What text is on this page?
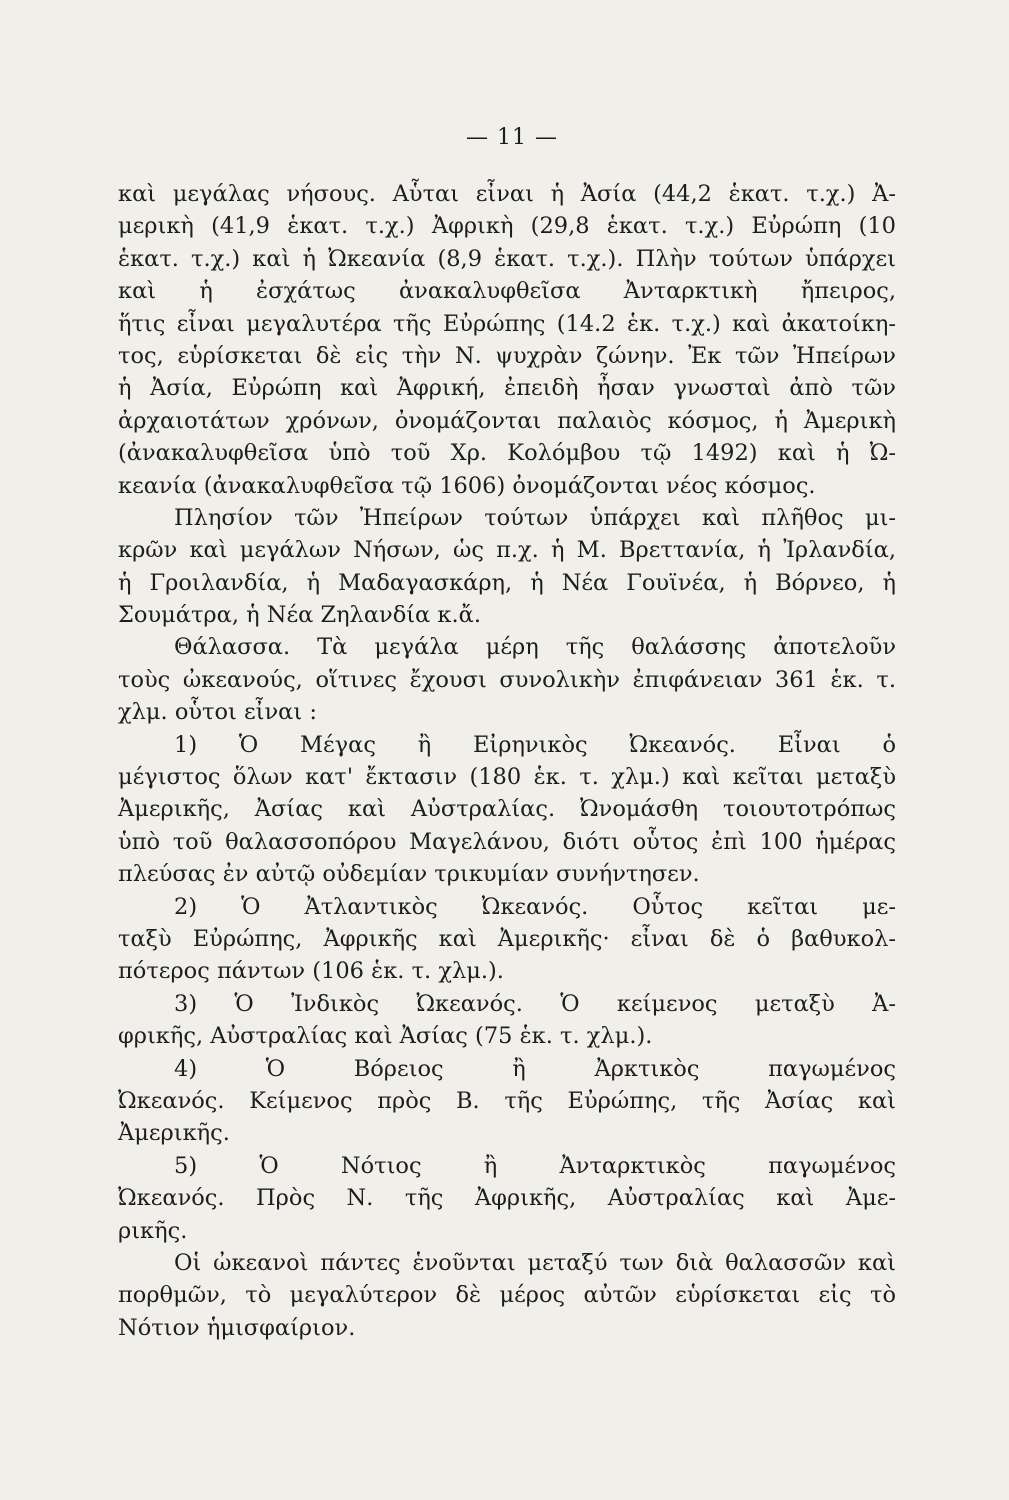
— 11 —
καὶ μεγάλας νήσους. Αὗται εἶναι ἡ Ἀσία (44,2 ἑκατ. τ.χ.) Ἀ-
μερικὴ (41,9 ἑκατ. τ.χ.) Ἀφρικὴ (29,8 ἑκατ. τ.χ.) Εὐρώπη (10
ἑκατ. τ.χ.) καὶ ἡ Ὠκεανία (8,9 ἑκατ. τ.χ.). Πλὴν τούτων ὑπάρχει
καὶ ἡ ἐσχάτως ἀνακαλυφθεῖσα Ἀνταρκτικὴ ἤπειρος,
ἥτις εἶναι μεγαλυτέρα τῆς Εὐρώπης (14.2 ἑκ. τ.χ.) καὶ ἀκατοίκη-
τος, εὑρίσκεται δὲ εἰς τὴν Ν. ψυχρὰν ζώνην. Ἐκ τῶν Ἠπείρων
ἡ Ἀσία, Εὐρώπη καὶ Ἀφρική, ἐπειδὴ ἦσαν γνωσταὶ ἀπὸ τῶν
ἀρχαιοτάτων χρόνων, ὀνομάζονται παλαιὸς κόσμος, ἡ Ἀμερικὴ
(ἀνακαλυφθεῖσα ὑπὸ τοῦ Χρ. Κολόμβου τῷ 1492) καὶ ἡ Ὠ-
κεανία (ἀνακαλυφθεῖσα τῷ 1606) ὀνομάζονται νέος κόσμος.
Πλησίον τῶν Ἠπείρων τούτων ὑπάρχει καὶ πλῆθος μι-
κρῶν καὶ μεγάλων Νήσων, ὡς π.χ. ἡ Μ. Βρεττανία, ἡ Ἰρλανδία,
ἡ Γροιλανδία, ἡ Μαδαγασκάρη, ἡ Νέα Γουϊνέα, ἡ Βόρνεο, ἡ
Σουμάτρα, ἡ Νέα Ζηλανδία κ.ἄ.
Θάλασσα. Τὰ μεγάλα μέρη τῆς θαλάσσης ἀποτελοῦν
τοὺς ὠκεανούς, οἵτινες ἔχουσι συνολικὴν ἐπιφάνειαν 361 ἑκ. τ.
χλμ. οὗτοι εἶναι :
1) Ὁ Μέγας ἢ Εἰρηνικὸς Ὠκεανός. Εἶναι ὁ
μέγιστος ὅλων κατ' ἔκτασιν (180 ἑκ. τ. χλμ.) καὶ κεῖται μεταξὺ
Ἀμερικῆς, Ἀσίας καὶ Αὐστραλίας. Ὠνομάσθη τοιουτοτρόπως
ὑπὸ τοῦ θαλασσοπόρου Μαγελάνου, διότι οὗτος ἐπὶ 100 ἡμέρας
πλεύσας ἐν αὐτῷ οὐδεμίαν τρικυμίαν συνήντησεν.
2) Ὁ Ἀτλαντικὸς Ὠκεανός. Οὗτος κεῖται με-
ταξὺ Εὐρώπης, Ἀφρικῆς καὶ Ἀμερικῆς· εἶναι δὲ ὁ βαθυκολ-
πότερος πάντων (106 ἑκ. τ. χλμ.).
3) Ὁ Ἰνδικὸς Ὠκεανός. Ὁ κείμενος μεταξὺ Ἀ-
φρικῆς, Αὐστραλίας καὶ Ἀσίας (75 ἑκ. τ. χλμ.).
4) Ὁ Βόρειος ἢ Ἀρκτικὸς παγωμένος
Ὠκεανός. Κείμενος πρὸς Β. τῆς Εὐρώπης, τῆς Ἀσίας καὶ
Ἀμερικῆς.
5) Ὁ Νότιος ἢ Ἀνταρκτικὸς παγωμένος
Ὠκεανός. Πρὸς Ν. τῆς Ἀφρικῆς, Αὐστραλίας καὶ Ἀμε-
ρικῆς.
Οἱ ὠκεανοὶ πάντες ἑνοῦνται μεταξύ των διὰ θαλασσῶν καὶ
πορθμῶν, τὸ μεγαλύτερον δὲ μέρος αὐτῶν εὑρίσκεται εἰς τὸ
Νότιον ἡμισφαίριον.
